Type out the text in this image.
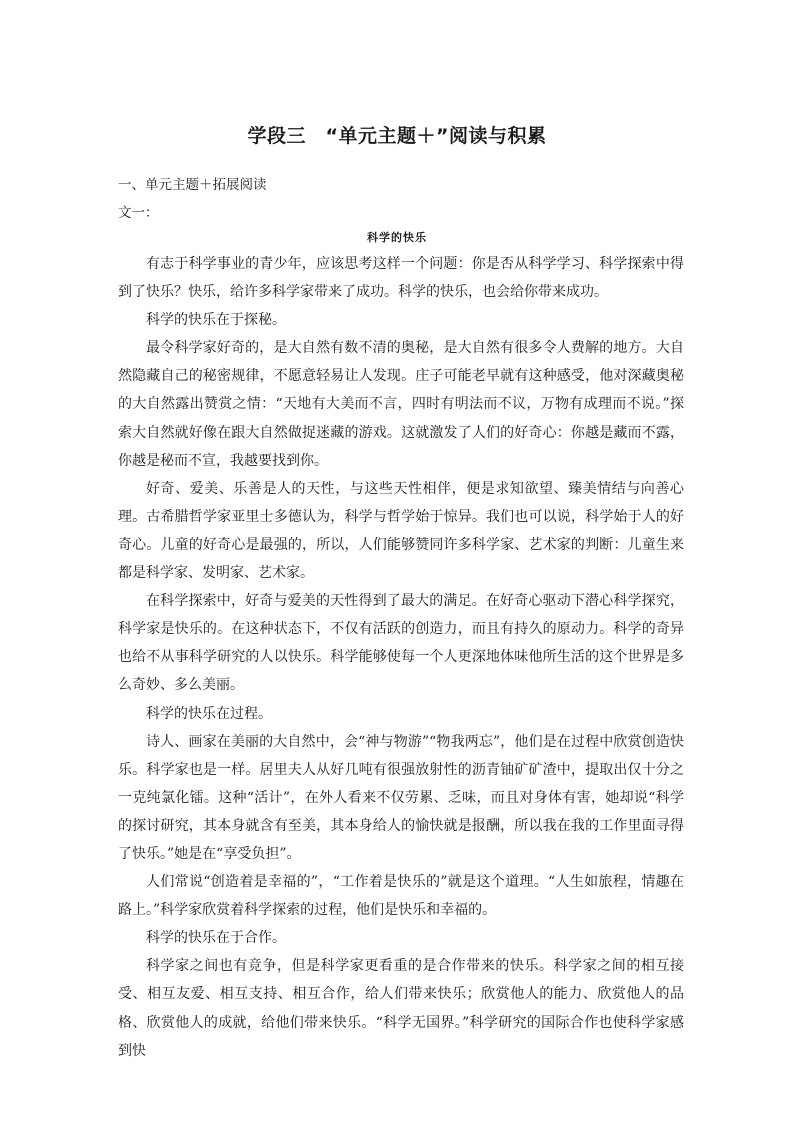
学段三　“单元主题＋”阅读与积累
一、单元主题＋拓展阅读
文一：
科学的快乐

有志于科学事业的青少年，应该思考这样一个问题：你是否从科学学习、科学探索中得到了快乐？快乐，给许多科学家带来了成功。科学的快乐，也会给你带来成功。

科学的快乐在于探秘。

最令科学家好奇的，是大自然有数不清的奥秘，是大自然有很多令人费解的地方。大自然隐藏自己的秘密规律，不愿意轻易让人发现。庄子可能老早就有这种感受，他对深藏奥秘的大自然露出赞赏之情：“天地有大美而不言，四时有明法而不议，万物有成理而不说。”探索大自然就好像在跟大自然做捉迷藏的游戏。这就激发了人们的好奇心：你越是藏而不露，你越是秘而不宣，我越要找到你。

好奇、爱美、乐善是人的天性，与这些天性相伴，便是求知欲望、臻美情结与向善心理。古希腊哲学家亚里士多德认为，科学与哲学始于惊异。我们也可以说，科学始于人的好奇心。儿童的好奇心是最强的，所以，人们能够赞同许多科学家、艺术家的判断：儿童生来都是科学家、发明家、艺术家。

在科学探索中，好奇与爱美的天性得到了最大的满足。在好奇心驱动下潜心科学探究，科学家是快乐的。在这种状态下，不仅有活跃的创造力，而且有持久的原动力。科学的奇异也给不从事科学研究的人以快乐。科学能够使每一个人更深地体味他所生活的这个世界是多么奇妙、多么美丽。

科学的快乐在过程。

诗人、画家在美丽的大自然中，会“神与物游”“物我两忘”，他们是在过程中欣赏创造快乐。科学家也是一样。居里夫人从好几吨有很强放射性的沥青铀矿矿渣中，提取出仅十分之一克纯氯化镭。这种“活计”，在外人看来不仅劳累、乏味，而且对身体有害，她却说“科学的探讨研究，其本身就含有至美，其本身给人的愉快就是报酬，所以我在我的工作里面寻得了快乐。”她是在“享受负担”。

人们常说“创造着是幸福的”，“工作着是快乐的”就是这个道理。“人生如旅程，情趣在路上。”科学家欣赏着科学探索的过程，他们是快乐和幸福的。

科学的快乐在于合作。

科学家之间也有竞争，但是科学家更看重的是合作带来的快乐。科学家之间的相互接受、相互友爱、相互支持、相互合作，给人们带来快乐；欣赏他人的能力、欣赏他人的品格、欣赏他人的成就，给他们带来快乐。“科学无国界。”科学研究的国际合作也使科学家感到快
